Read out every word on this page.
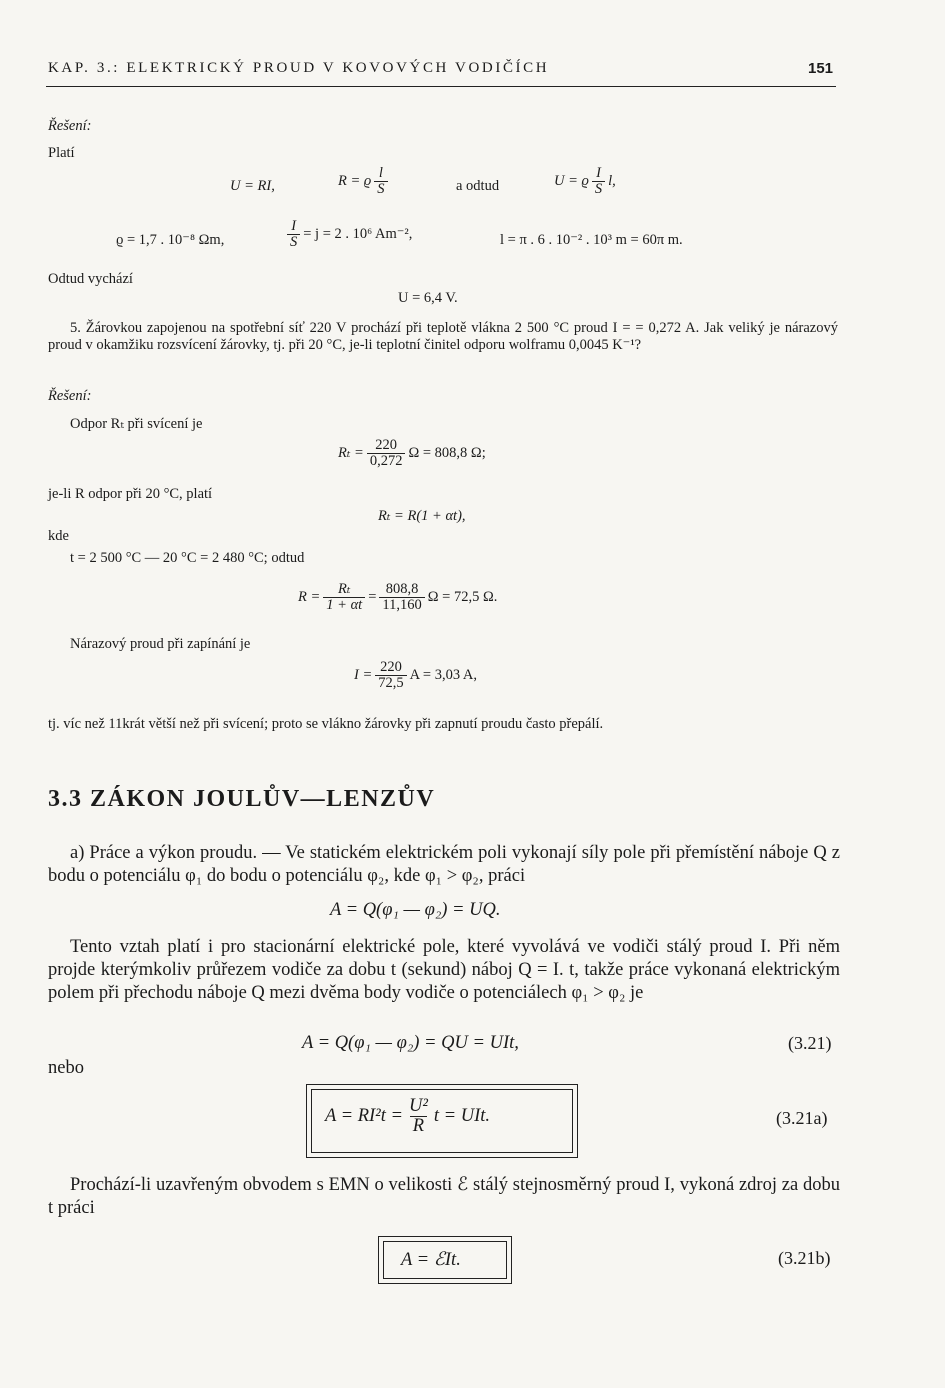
KAP. 3.: ELEKTRICKÝ PROUD V KOVOVÝCH VODIČÍCH	151
Řešení:
Platí
U = RI,	R = ϱ $\frac{l}{S}$	a odtud	U = ϱ $\frac{I}{S} l$,
ϱ = 1,7 . 10⁻⁸ Ωm,	$\frac{I}{S} = j = 2$ . 10⁶ Am⁻²,	l = π . 6 . 10⁻² . 10³ m = 60π m.
Odtud vychází
U = 6,4 V.
5. Žárovkou zapojenou na spotřební síť 220 V prochází při teplotě vlákna 2 500 °C proud I = = 0,272 A. Jak veliký je nárazový proud v okamžiku rozsvícení žárovky, tj. při 20 °C, je-li teplotní činitel odporu wolframu 0,0045 K⁻¹?
Řešení:
Odpor Rₜ při svícení je
$R_t = \frac{220}{0,272}$ Ω = 808,8 Ω;
je-li R odpor při 20 °C, platí
Rₜ = R(1 + αt),
kde
t = 2 500 °C — 20 °C = 2 480 °C; odtud
$R = \frac{\text{Rₜ}}{1 + \alpha t} = \frac{808,8}{11,160}$ Ω = 72,5 Ω.
Nárazový proud při zapínání je
$I = \frac{220}{72,5}$ A = 3,03 A,
tj. víc než 11krát větší než při svícení; proto se vlákno žárovky při zapnutí proudu často přepálí.
3.3 ZÁKON JOULŮV—LENZŮV
a) Práce a výkon proudu. — Ve statickém elektrickém poli vykonají síly pole při přemístění náboje Q z bodu o potenciálu φ₁ do bodu o potenciálu φ₂, kde φ₁ > φ₂, práci
A = Q(φ₁ — φ₂) = UQ.
Tento vztah platí i pro stacionární elektrické pole, které vyvolává ve vodiči stálý proud I. Při něm projde kterýmkoliv průřezem vodiče za dobu t (sekund) náboj Q = I. t, takže práce vykonaná elektrickým polem při přechodu náboje Q mezi dvěma body vodiče o potenciálech φ₁ > φ₂ je
A = Q(φ₁ — φ₂) = QU = UIt,	(3.21)
nebo
$A = RI^2t = \frac{\text{U²}}{R}$ t = UIt.	(3.21a)
Prochází-li uzavřeným obvodem s EMN o velikosti ℰ stálý stejnosměrný proud I, vykoná zdroj za dobu t práci
A = ℰIt.	(3.21b)
